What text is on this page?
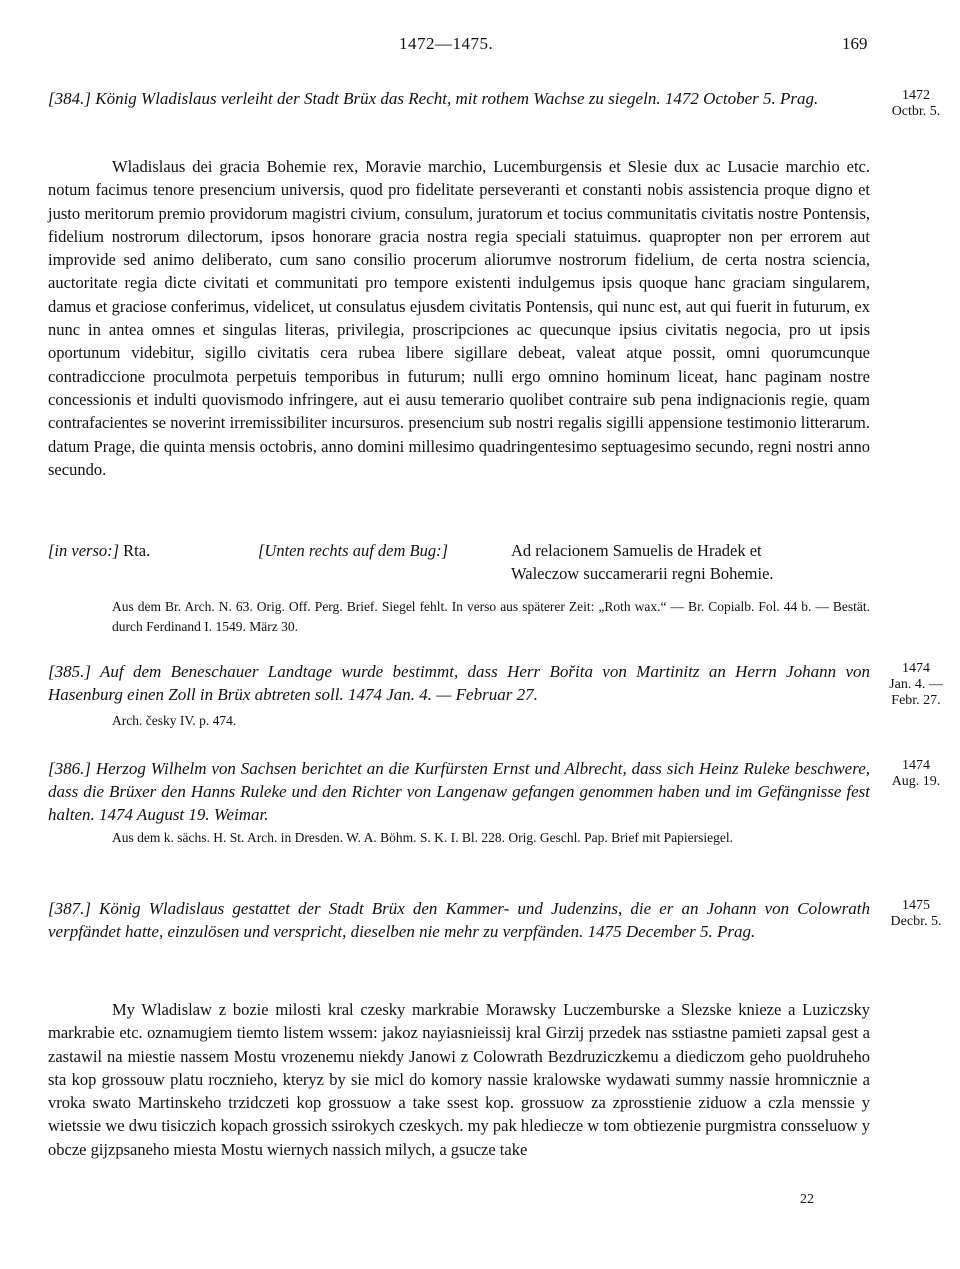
1472—1475.	169
[384.] König Wladislaus verleiht der Stadt Brüx das Recht, mit rothem Wachse zu siegeln. 1472 October 5. Prag.	1472
Octbr. 5.
Wladislaus dei gracia Bohemie rex, Moravie marchio, Lucemburgensis et Slesie dux ac Lusacie marchio etc. notum facimus tenore presencium universis, quod pro fidelitate perseveranti et constanti nobis assistencia proque digno et justo meritorum premio providorum magistri civium, consulum, juratorum et tocius communitatis civitatis nostre Pontensis, fidelium nostrorum dilectorum, ipsos honorare gracia nostra regia speciali statuimus. quapropter non per errorem aut improvide sed animo deliberato, cum sano consilio procerum aliorumve nostrorum fidelium, de certa nostra sciencia, auctoritate regia dicte civitati et communitati pro tempore existenti indulgemus ipsis quoque hanc graciam singularem, damus et graciose conferimus, videlicet, ut consulatus ejusdem civitatis Pontensis, qui nunc est, aut qui fuerit in futurum, ex nunc in antea omnes et singulas literas, privilegia, proscripciones ac quecunque ipsius civitatis negocia, pro ut ipsis oportunum videbitur, sigillo civitatis cera rubea libere sigillare debeat, valeat atque possit, omni quorumcunque contradiccione proculmota perpetuis temporibus in futurum; nulli ergo omnino hominum liceat, hanc paginam nostre concessionis et indulti quovismodo infringere, aut ei ausu temerario quolibet contraire sub pena indignacionis regie, quam contrafacientes se noverint irremissibiliter incursuros. presencium sub nostri regalis sigilli appensione testimonio litterarum. datum Prage, die quinta mensis octobris, anno domini millesimo quadringentesimo septuagesimo secundo, regni nostri anno secundo.
[in verso:] Rta.	[Unten rechts auf dem Bug:]	Ad relacionem Samuelis de Hradek et
Waleczow succamerarii regni Bohemie.
Aus dem Br. Arch. N. 63. Orig. Off. Perg. Brief. Siegel fehlt. In verso aus späterer Zeit: „Roth wax.“ — Br. Copialb. Fol. 44 b. — Bestät. durch Ferdinand I. 1549. März 30.
[385.] Auf dem Beneschauer Landtage wurde bestimmt, dass Herr Bořita von Martinitz an Herrn Johann von Hasenburg einen Zoll in Brüx abtreten soll. 1474 Jan. 4. — Februar 27.
1474
Jan. 4. —
Febr. 27.
Arch. česky IV. p. 474.
[386.] Herzog Wilhelm von Sachsen berichtet an die Kurfürsten Ernst und Albrecht, dass sich Heinz Ruleke beschwere, dass die Brüxer den Hanns Ruleke und den Richter von Langenaw gefangen genommen haben und im Gefängnisse fest halten. 1474 August 19. Weimar.
1474
Aug. 19.
Aus dem k. sächs. H. St. Arch. in Dresden. W. A. Böhm. S. K. I. Bl. 228. Orig. Geschl. Pap. Brief mit Papiersiegel.
[387.] König Wladislaus gestattet der Stadt Brüx den Kammer- und Judenzins, die er an Johann von Colowrath verpfändet hatte, einzulösen und verspricht, dieselben nie mehr zu verpfänden. 1475 December 5. Prag.
1475
Decbr. 5.
My Wladislaw z bozie milosti kral czesky markrabie Morawsky Luczemburske a Slezske knieze a Luziczsky markrabie etc. oznamugiem tiemto listem wssem: jakoz nayiasnieissij kral Girzij przedek nas sstiastne pamieti zapsal gest a zastawil na miestie nassem Mostu vrozenemu niekdy Janowi z Colowrath Bezdruziczkemu a diediczom geho puoldruheho sta kop grossouw platu rocznieho, kteryz by sie micl do komory nassie kralowske wydawati summy nassie hromnicznie a vroka swato Martinskeho trzidczeti kop grossuow a take ssest kop. grossuow za zprosstienie ziduow a czla menssie y wietssie we dwu tisiczich kopach grossich ssirokych czeskych. my pak hlediecze w tom obtiezenie purgmistra consseluow y obcze gijzpsaneho miesta Mostu wiernych nassich milych, a gsucze take
22
